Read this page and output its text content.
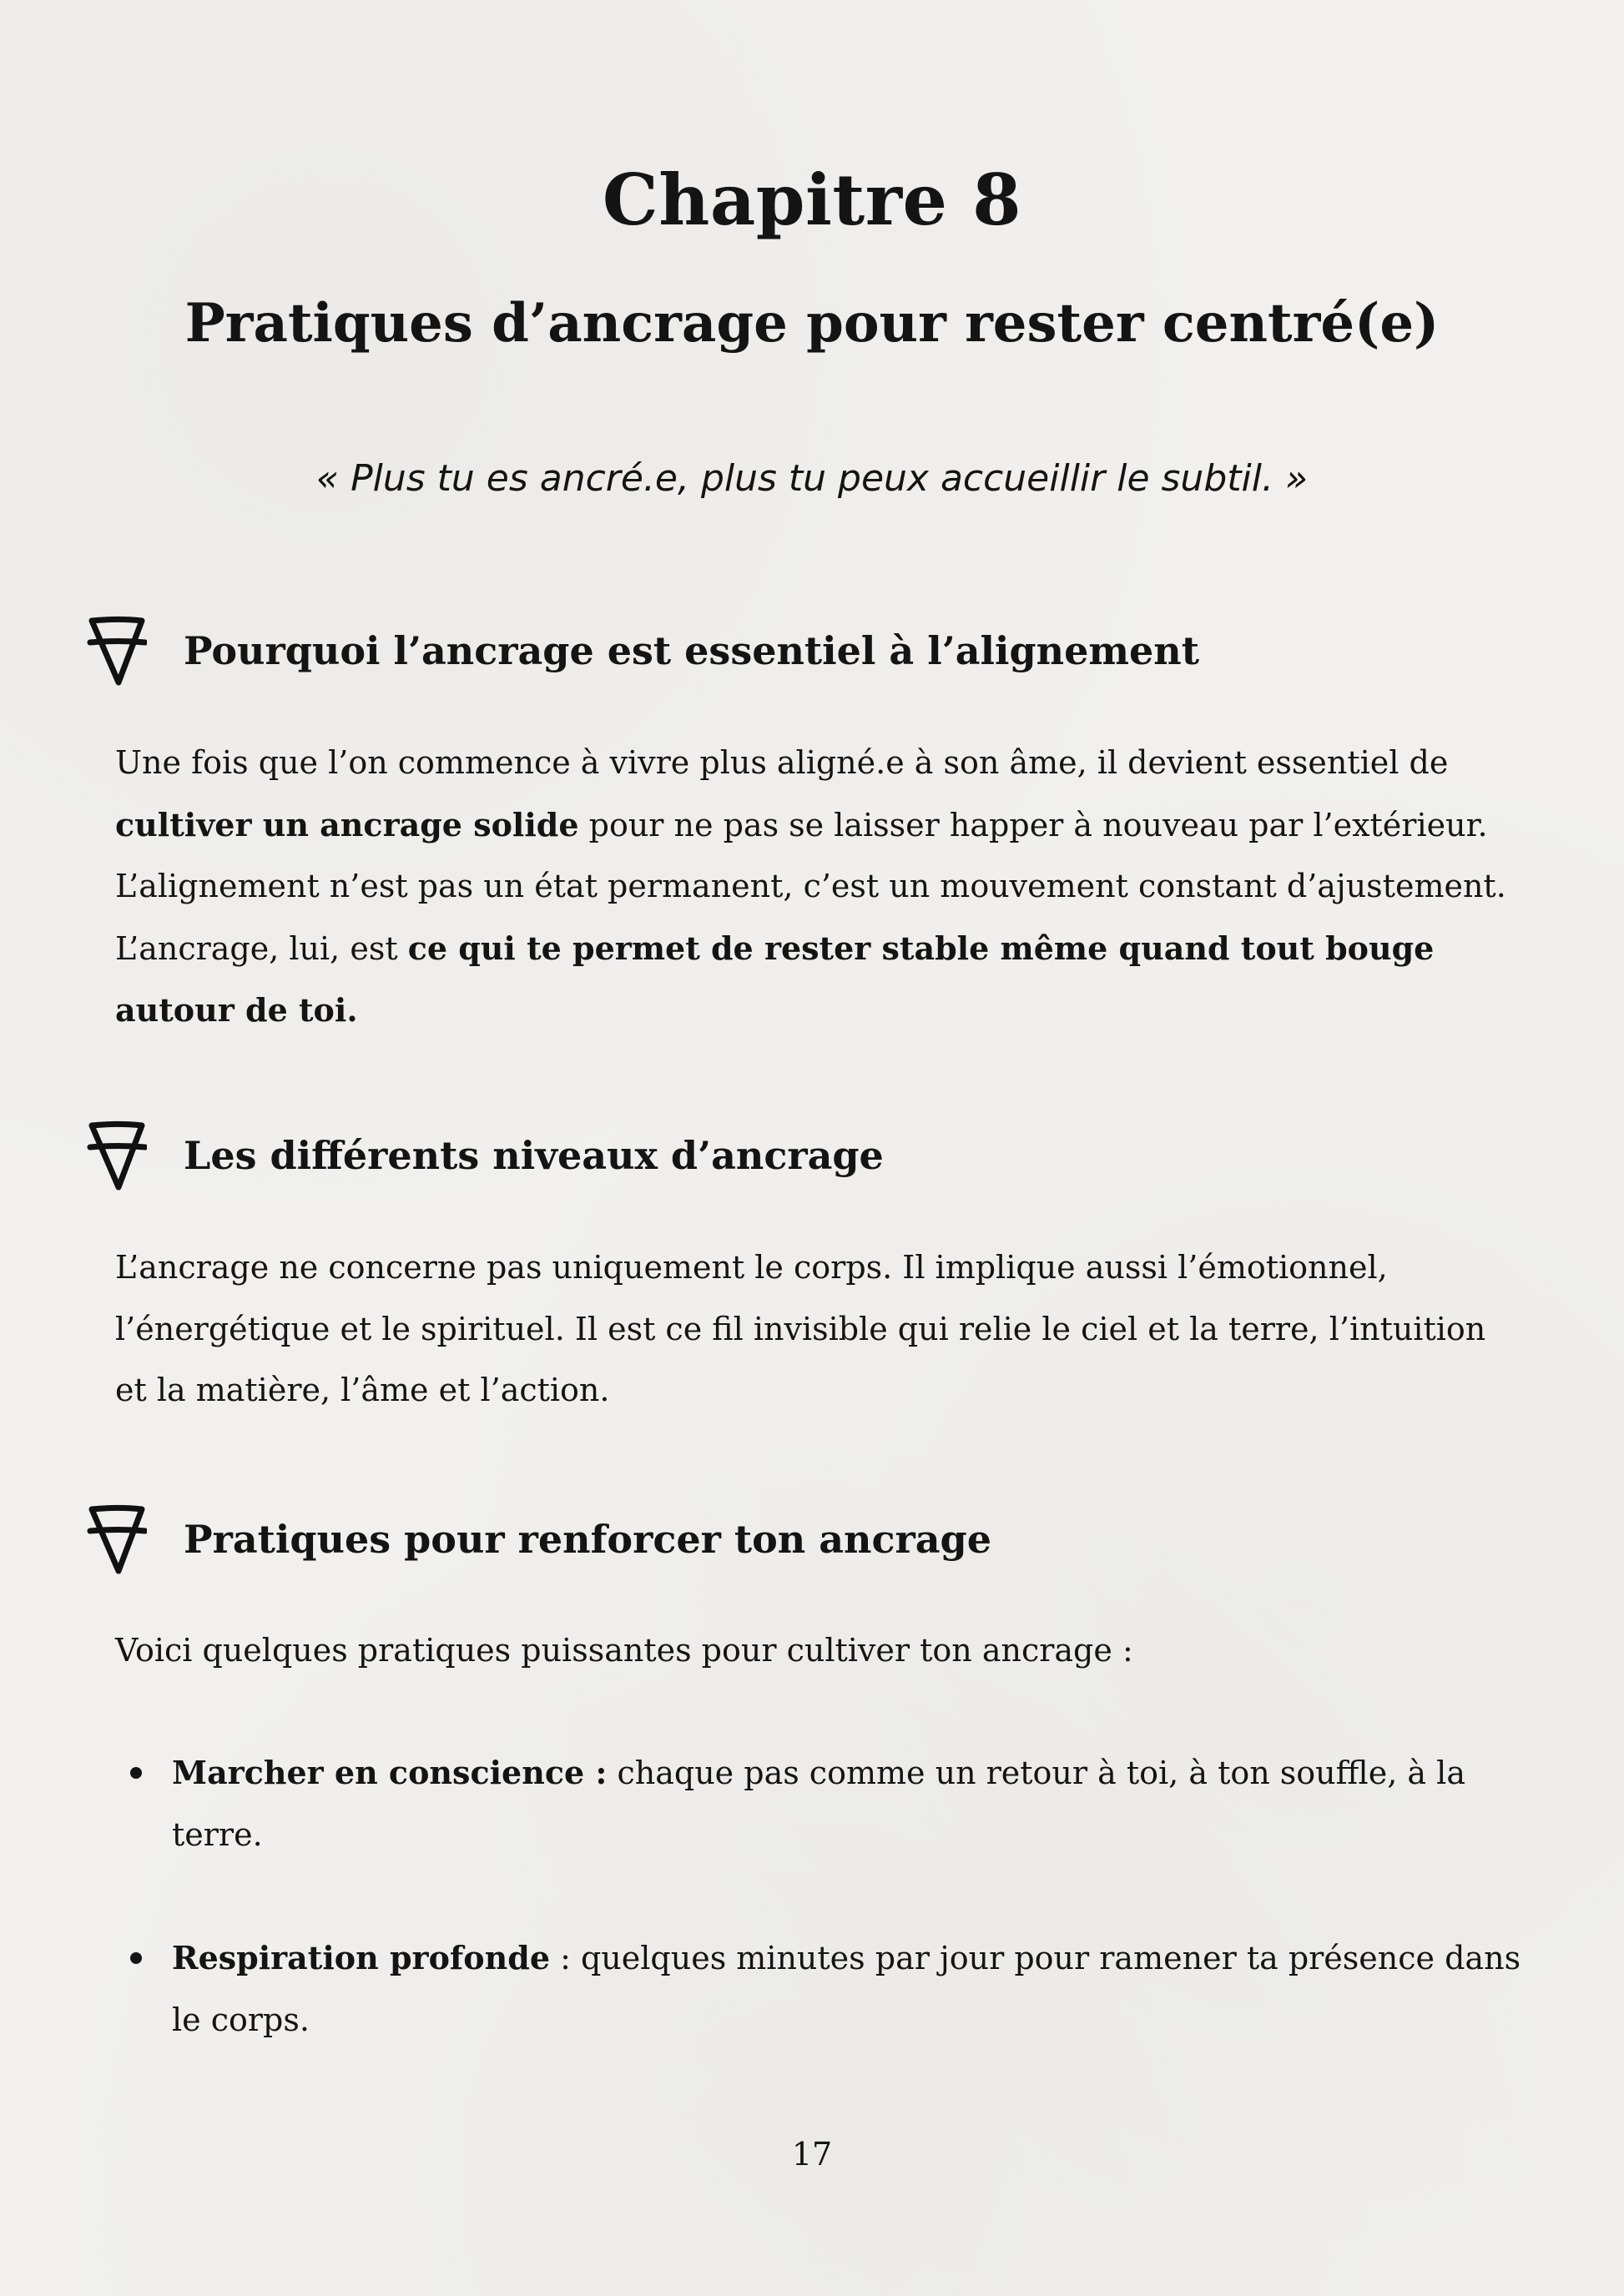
Chapitre 8
Pratiques d’ancrage pour rester centré(e)
« Plus tu es ancré.e, plus tu peux accueillir le subtil. »
Pourquoi l’ancrage est essentiel à l’alignement

Une fois que l’on commence à vivre plus aligné.e à son âme, il devient essentiel de cultiver un ancrage solide pour ne pas se laisser happer à nouveau par l’extérieur. L’alignement n’est pas un état permanent, c’est un mouvement constant d’ajustement. L’ancrage, lui, est ce qui te permet de rester stable même quand tout bouge autour de toi.

Les différents niveaux d’ancrage

L’ancrage ne concerne pas uniquement le corps. Il implique aussi l’émotionnel, l’énergétique et le spirituel. Il est ce fil invisible qui relie le ciel et la terre, l’intuition et la matière, l’âme et l’action.

Pratiques pour renforcer ton ancrage

Voici quelques pratiques puissantes pour cultiver ton ancrage :

Marcher en conscience : chaque pas comme un retour à toi, à ton souffle, à la terre.

Respiration profonde : quelques minutes par jour pour ramener ta présence dans le corps.

17
